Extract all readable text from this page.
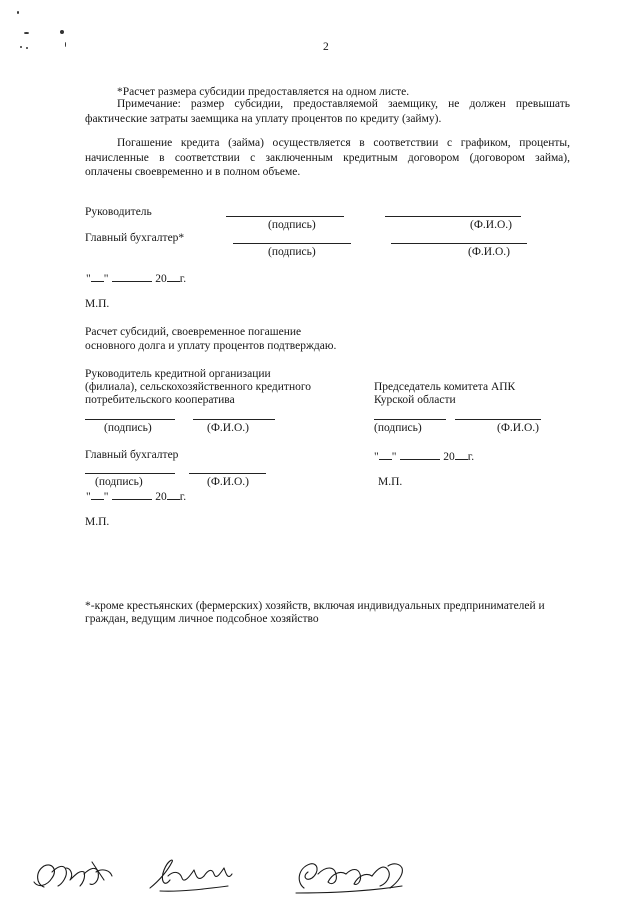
2
*Расчет размера субсидии предоставляется на одном листе.
Примечание: размер субсидии, предоставляемой заемщику, не должен превышать
фактические затраты заемщика на уплату процентов по кредиту (займу).
Погашение кредита (займа) осуществляется в соответствии с графиком, проценты,
начисленные в соответствии с заключенным кредитным договором (договором займа),
оплачены своевременно и в полном объеме.
Руководитель
(подпись)	(Ф.И.О.)
Главный бухгалтер*
(подпись)	(Ф.И.О.)
" "	20 г.
М.П.
Расчет субсидий, своевременное погашение
основного долга и уплату процентов подтверждаю.
Руководитель кредитной организации
(филиала), сельскохозяйственного кредитного
потребительского кооператива
(подпись)	(Ф.И.О.)
Главный бухгалтер
(подпись)	(Ф.И.О.)
" "	20 г.
М.П.
Председатель комитета АПК
Курской области
(подпись)	(Ф.И.О.)
" "	20 г.
М.П.
*-кроме крестьянских (фермерских) хозяйств, включая индивидуальных предпринимателей и
граждан, ведущим личное подсобное хозяйство
